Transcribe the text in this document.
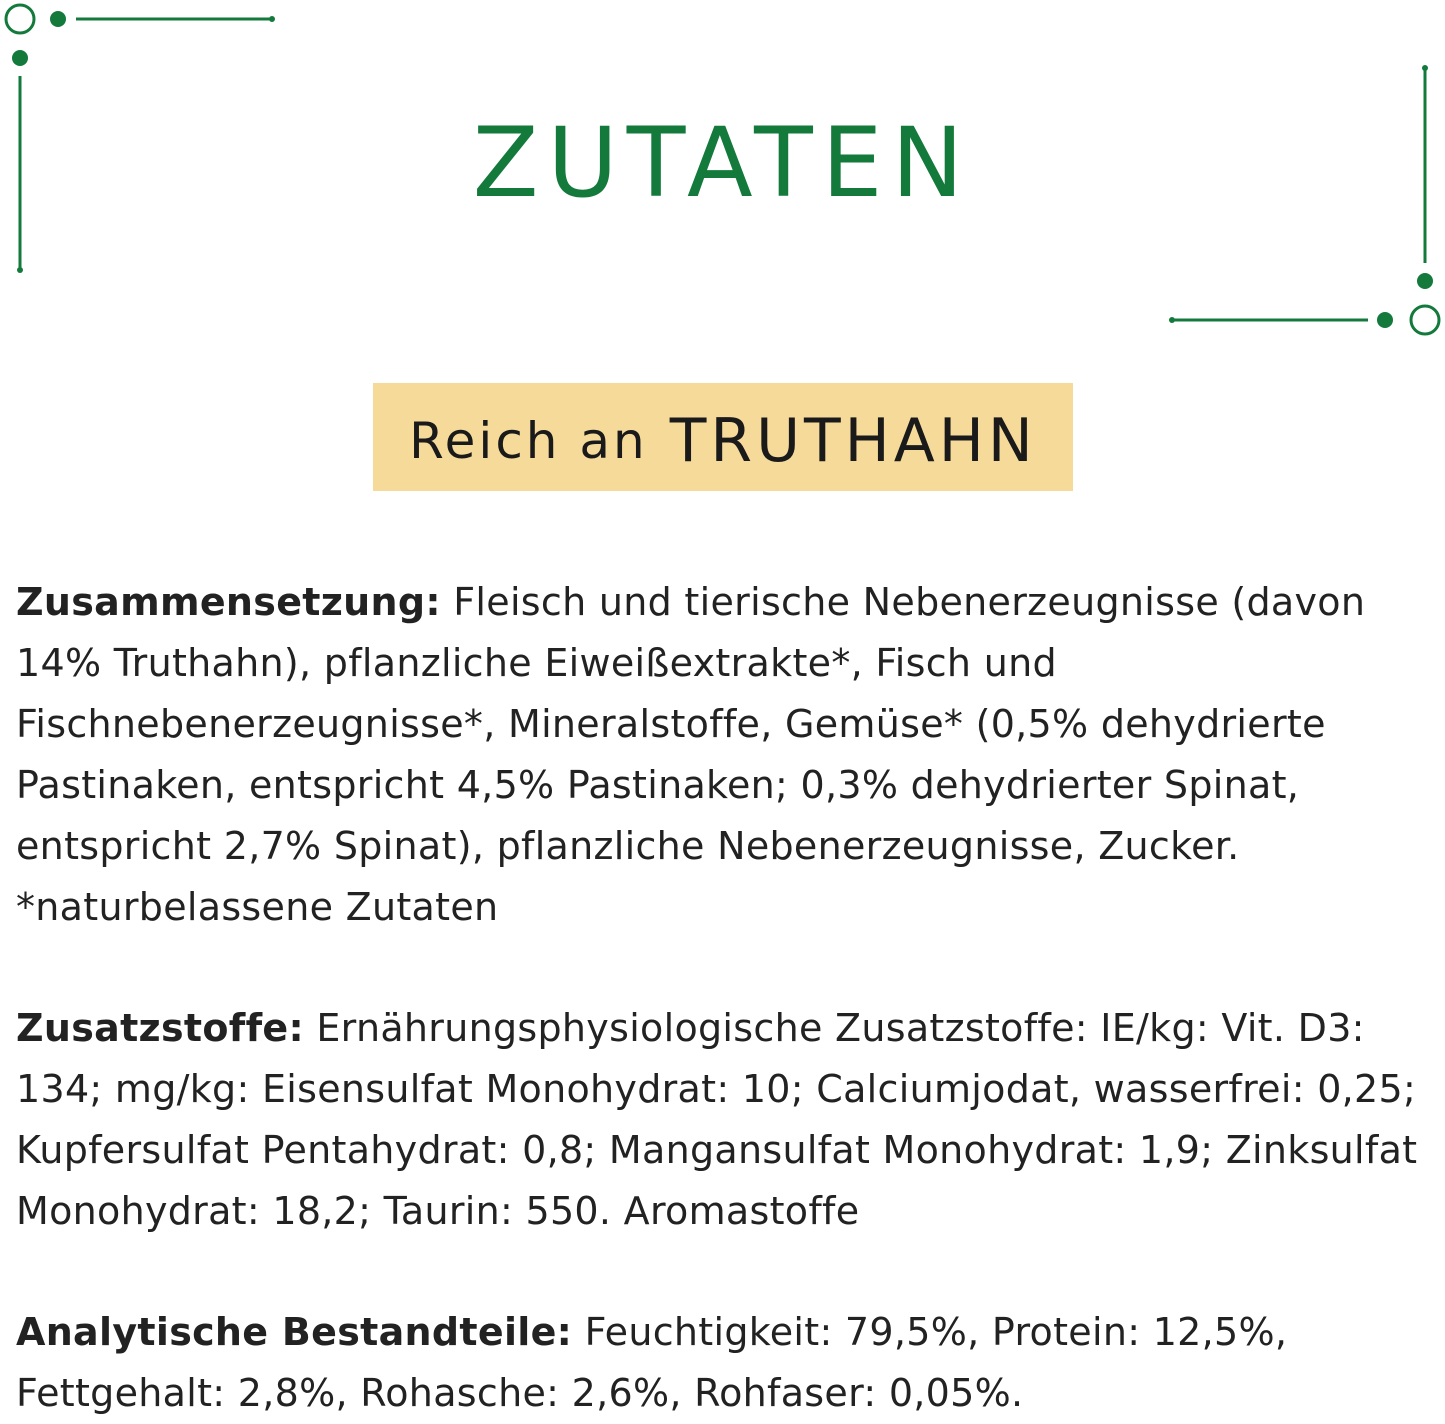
ZUTATEN
Reich an TRUTHAHN

Zusammensetzung: Fleisch und tierische Nebenerzeugnisse (davon 14% Truthahn), pflanzliche Eiweißextrakte*, Fisch und Fischnebenerzeugnisse*, Mineralstoffe, Gemüse* (0,5% dehydrierte Pastinaken, entspricht 4,5% Pastinaken; 0,3% dehydrierter Spinat, entspricht 2,7% Spinat), pflanzliche Nebenerzeugnisse, Zucker.
*naturbelassene Zutaten

Zusatzstoffe: Ernährungsphysiologische Zusatzstoffe: IE/kg: Vit. D3: 134; mg/kg: Eisensulfat Monohydrat: 10; Calciumjodat, wasserfrei: 0,25; Kupfersulfat Pentahydrat: 0,8; Mangansulfat Monohydrat: 1,9; Zinksulfat Monohydrat: 18,2; Taurin: 550. Aromastoffe

Analytische Bestandteile: Feuchtigkeit: 79,5%, Protein: 12,5%, Fettgehalt: 2,8%, Rohasche: 2,6%, Rohfaser: 0,05%.
